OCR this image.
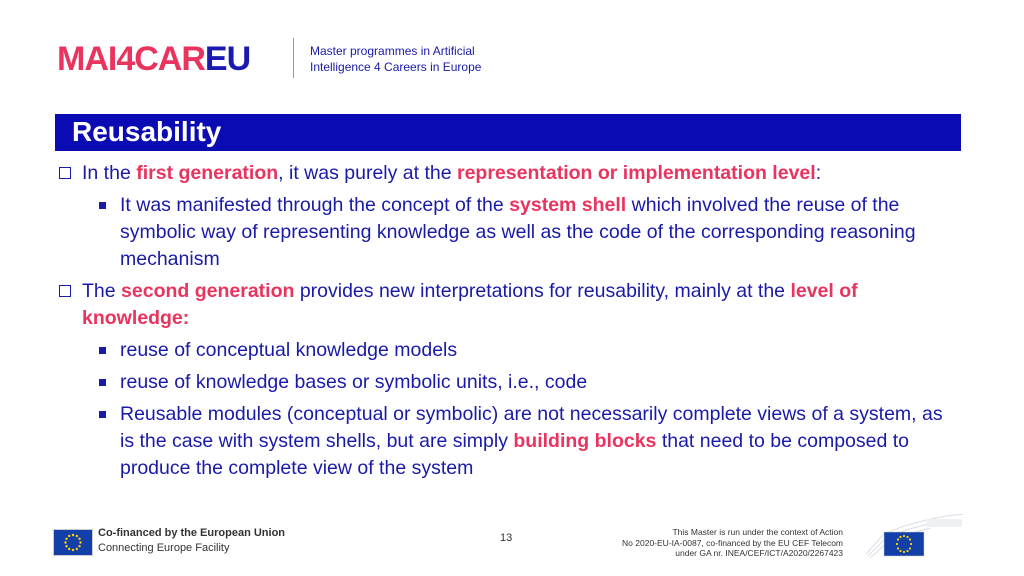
MAI4CAREU	Master programmes in Artificial
Intelligence 4 Careers in Europe
Reusability
In the first generation, it was purely at the representation or implementation level:
It was manifested through the concept of the system shell which involved the reuse of the symbolic way of representing knowledge as well as the code of the corresponding reasoning mechanism
The second generation provides new interpretations for reusability, mainly at the level of knowledge:
reuse of conceptual knowledge models
reuse of knowledge bases or symbolic units, i.e., code
Reusable modules (conceptual or symbolic) are not necessarily complete views of a system, as is the case with system shells, but are simply building blocks that need to be composed to produce the complete view of the system
Co-financed by the European Union
Connecting Europe Facility
13	This Master is run under the context of Action
No 2020-EU-IA-0087, co-financed by the EU CEF Telecom
under GA nr. INEA/CEF/ICT/A2020/2267423
